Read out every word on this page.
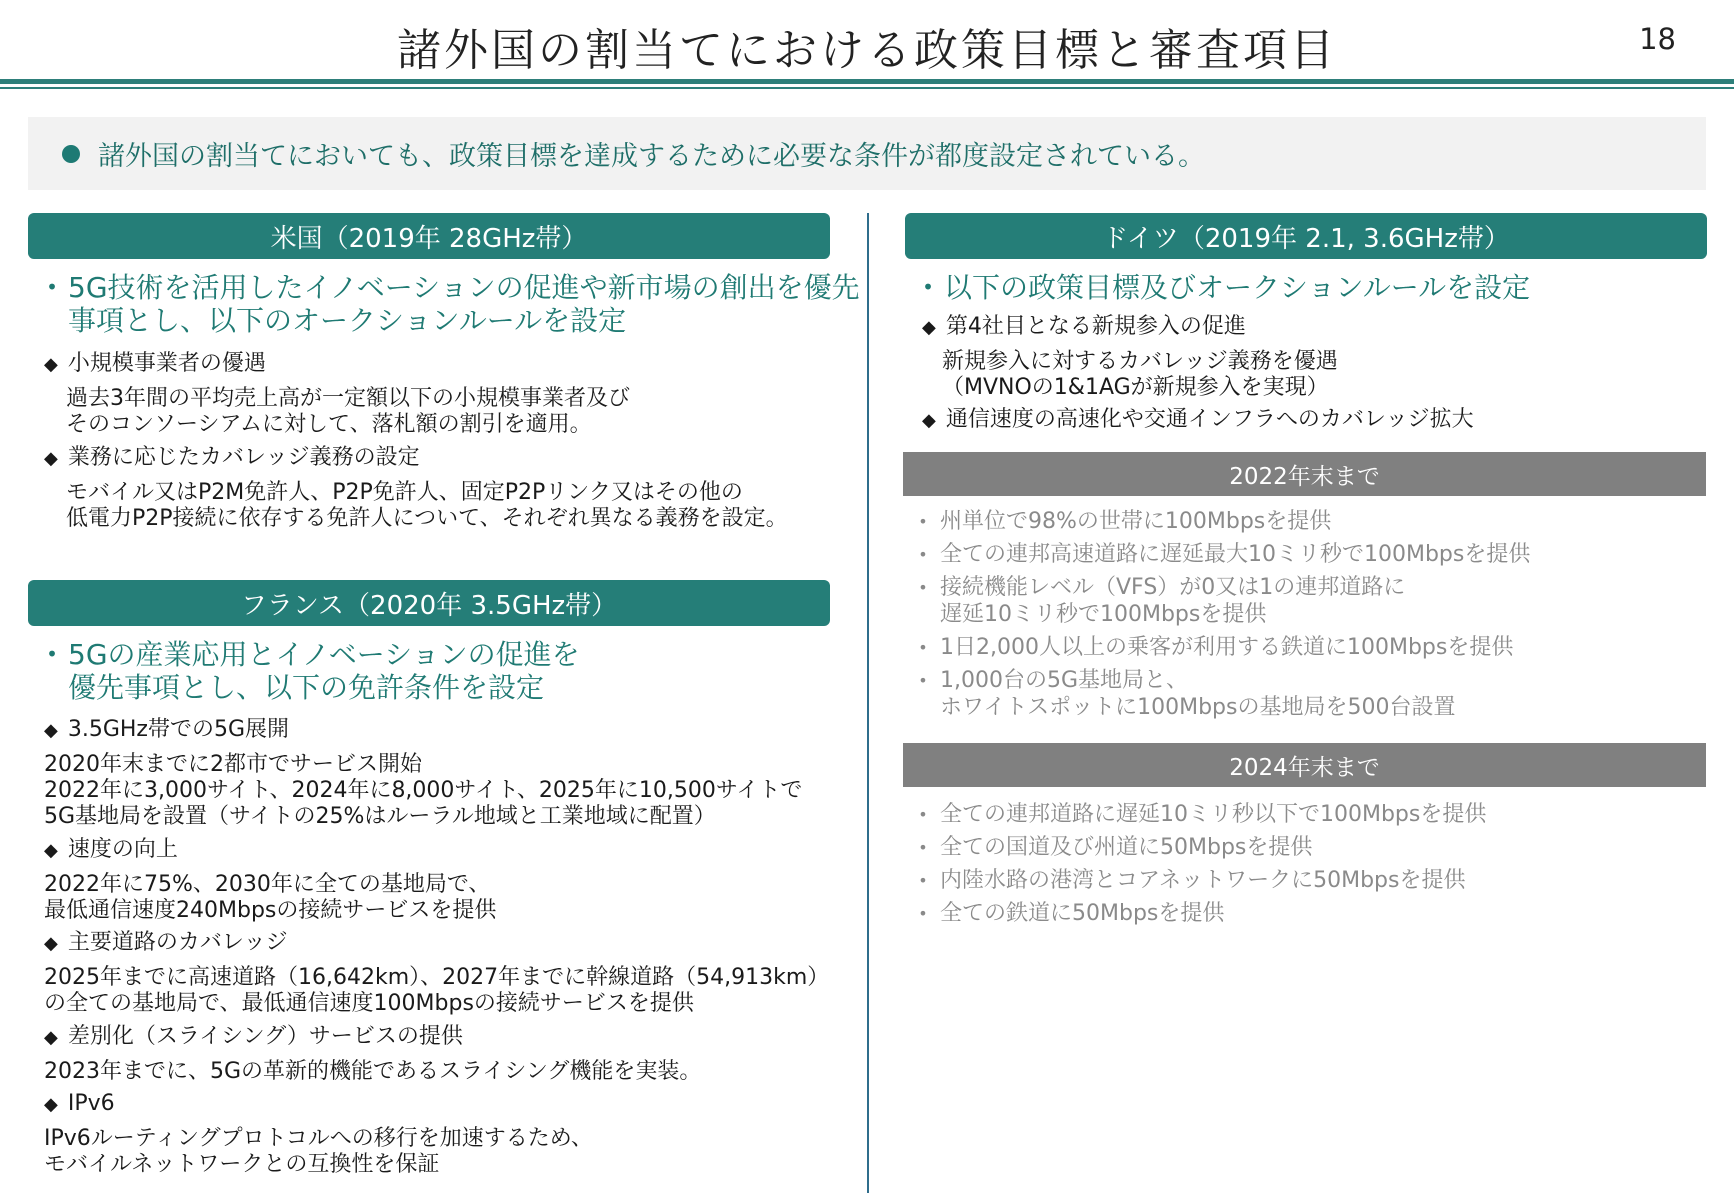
諸外国の割当てにおける政策目標と審査項目	18
諸外国の割当てにおいても、政策目標を達成するために必要な条件が都度設定されている。
米国（2019年 28GHz帯）
• 5G技術を活用したイノベーションの促進や新市場の創出を優先
事項とし、以下のオークションルールを設定
◆ 小規模事業者の優遇
過去3年間の平均売上高が一定額以下の小規模事業者及び
そのコンソーシアムに対して、落札額の割引を適用。
◆ 業務に応じたカバレッジ義務の設定
モバイル又はP2M免許人、P2P免許人、固定P2Pリンク又はその他の
低電力P2P接続に依存する免許人について、それぞれ異なる義務を設定。
フランス（2020年 3.5GHz帯）
• 5Gの産業応用とイノベーションの促進を
優先事項とし、以下の免許条件を設定
◆ 3.5GHz帯での5G展開
2020年末までに2都市でサービス開始
2022年に3,000サイト、2024年に8,000サイト、2025年に10,500サイトで
5G基地局を設置（サイトの25%はルーラル地域と工業地域に配置）
◆ 速度の向上
2022年に75%、2030年に全ての基地局で、
最低通信速度240Mbpsの接続サービスを提供
◆ 主要道路のカバレッジ
2025年までに高速道路（16,642km）、2027年までに幹線道路（54,913km）
の全ての基地局で、最低通信速度100Mbpsの接続サービスを提供
◆ 差別化（スライシング）サービスの提供
2023年までに、5Gの革新的機能であるスライシング機能を実装。
◆ IPv6
IPv6ルーティングプロトコルへの移行を加速するため、
モバイルネットワークとの互換性を保証
ドイツ（2019年 2.1, 3.6GHz帯）
• 以下の政策目標及びオークションルールを設定
◆ 第4社目となる新規参入の促進
新規参入に対するカバレッジ義務を優遇
（MVNOの1&1AGが新規参入を実現）
◆ 通信速度の高速化や交通インフラへのカバレッジ拡大
2022年末まで
• 州単位で98%の世帯に100Mbpsを提供
• 全ての連邦高速道路に遅延最大10ミリ秒で100Mbpsを提供
• 接続機能レベル（VFS）が0又は1の連邦道路に
遅延10ミリ秒で100Mbpsを提供
• 1日2,000人以上の乗客が利用する鉄道に100Mbpsを提供
• 1,000台の5G基地局と、
ホワイトスポットに100Mbpsの基地局を500台設置
2024年末まで
• 全ての連邦道路に遅延10ミリ秒以下で100Mbpsを提供
• 全ての国道及び州道に50Mbpsを提供
• 内陸水路の港湾とコアネットワークに50Mbpsを提供
• 全ての鉄道に50Mbpsを提供
